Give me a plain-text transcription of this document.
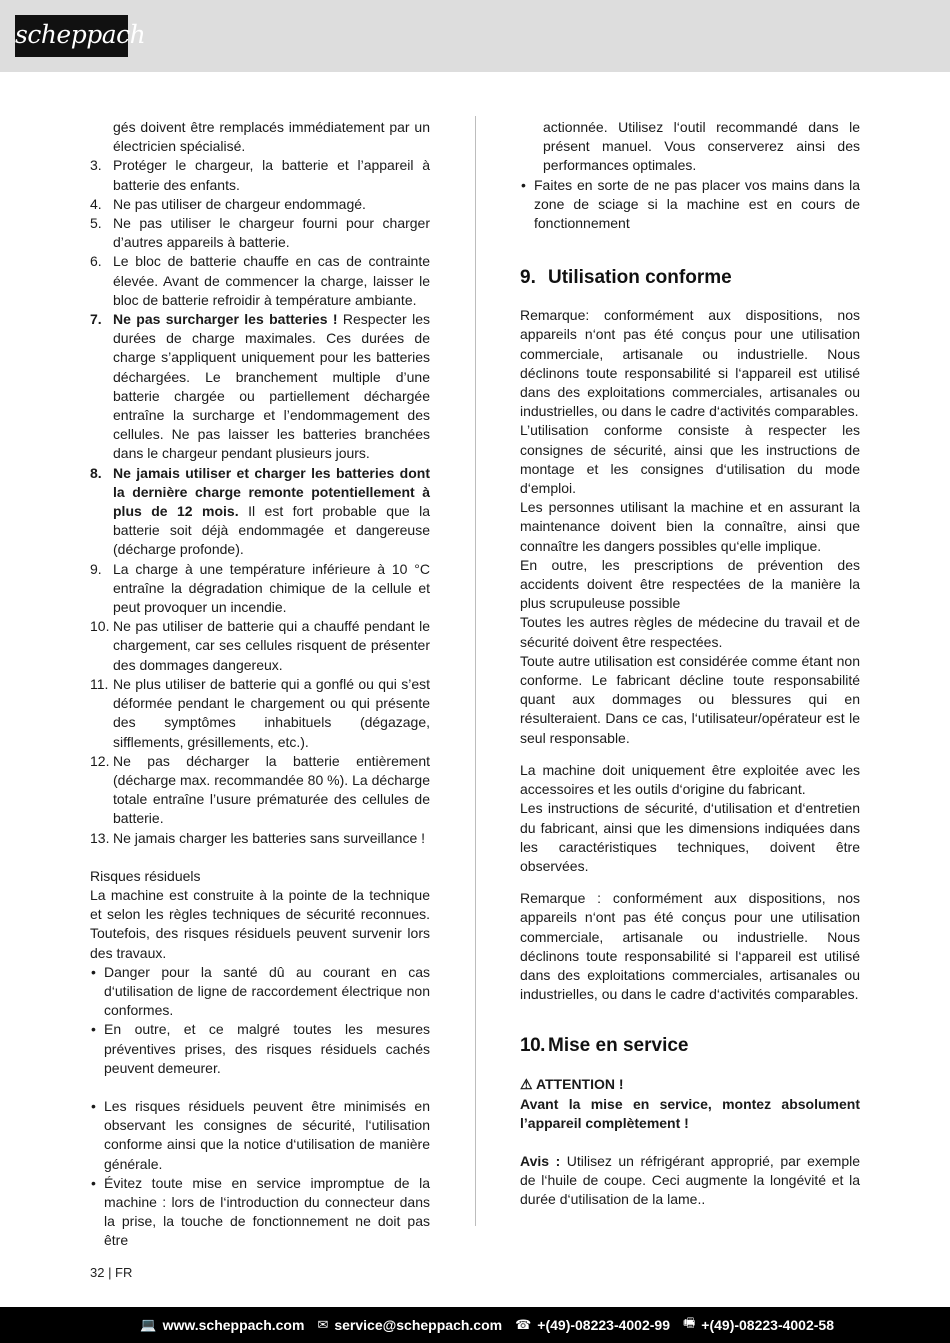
scheppach
gés doivent être remplacés immédiatement par un électricien spécialisé.
3. Protéger le chargeur, la batterie et l’appareil à batterie des enfants.
4. Ne pas utiliser de chargeur endommagé.
5. Ne pas utiliser le chargeur fourni pour charger d’autres appareils à batterie.
6. Le bloc de batterie chauffe en cas de contrainte élevée. Avant de commencer la charge, laisser le bloc de batterie refroidir à température ambiante.
7. Ne pas surcharger les batteries ! Respecter les durées de charge maximales. Ces durées de charge s’appliquent uniquement pour les batteries déchargées. Le branchement multiple d’une batterie chargée ou partiellement déchargée entraîne la surcharge et l’endommagement des cellules. Ne pas laisser les batteries branchées dans le chargeur pendant plusieurs jours.
8. Ne jamais utiliser et charger les batteries dont la dernière charge remonte potentiellement à plus de 12 mois. Il est fort probable que la batterie soit déjà endommagée et dangereuse (décharge profonde).
9. La charge à une température inférieure à 10 °C entraîne la dégradation chimique de la cellule et peut provoquer un incendie.
10. Ne pas utiliser de batterie qui a chauffé pendant le chargement, car ses cellules risquent de présenter des dommages dangereux.
11. Ne plus utiliser de batterie qui a gonflé ou qui s’est déformée pendant le chargement ou qui présente des symptômes inhabituels (dégazage, sifflements, grésillements, etc.).
12. Ne pas décharger la batterie entièrement (décharge max. recommandée 80 %). La décharge totale entraîne l’usure prématurée des cellules de batterie.
13. Ne jamais charger les batteries sans surveillance !
Risques résiduels
La machine est construite à la pointe de la technique et selon les règles techniques de sécurité reconnues. Toutefois, des risques résiduels peuvent survenir lors des travaux.
• Danger pour la santé dû au courant en cas d‘utilisation de ligne de raccordement électrique non conformes.
• En outre, et ce malgré toutes les mesures préventives prises, des risques résiduels cachés peuvent demeurer.
• Les risques résiduels peuvent être minimisés en observant les consignes de sécurité, l‘utilisation conforme ainsi que la notice d‘utilisation de manière générale.
• Évitez toute mise en service impromptue de la machine : lors de l‘introduction du connecteur dans la prise, la touche de fonctionnement ne doit pas être
actionnée. Utilisez l‘outil recommandé dans le présent manuel. Vous conserverez ainsi des performances optimales.
• Faites en sorte de ne pas placer vos mains dans la zone de sciage si la machine est en cours de fonctionnement
9. Utilisation conforme
Remarque: conformément aux dispositions, nos appareils n‘ont pas été conçus pour une utilisation commerciale, artisanale ou industrielle. Nous déclinons toute responsabilité si l‘appareil est utilisé dans des exploitations commerciales, artisanales ou industrielles, ou dans le cadre d‘activités comparables.
L’utilisation conforme consiste à respecter les consignes de sécurité, ainsi que les instructions de montage et les consignes d‘utilisation du mode d‘emploi.
Les personnes utilisant la machine et en assurant la maintenance doivent bien la connaître, ainsi que connaître les dangers possibles qu‘elle implique.
En outre, les prescriptions de prévention des accidents doivent être respectées de la manière la plus scrupuleuse possible
Toutes les autres règles de médecine du travail et de sécurité doivent être respectées.
Toute autre utilisation est considérée comme étant non conforme. Le fabricant décline toute responsabilité quant aux dommages ou blessures qui en résulteraient. Dans ce cas, l‘utilisateur/opérateur est le seul responsable.
La machine doit uniquement être exploitée avec les accessoires et les outils d‘origine du fabricant.
Les instructions de sécurité, d‘utilisation et d‘entretien du fabricant, ainsi que les dimensions indiquées dans les caractéristiques techniques, doivent être observées.
Remarque : conformément aux dispositions, nos appareils n‘ont pas été conçus pour une utilisation commerciale, artisanale ou industrielle. Nous déclinons toute responsabilité si l‘appareil est utilisé dans des exploitations commerciales, artisanales ou industrielles, ou dans le cadre d‘activités comparables.
10. Mise en service
⚠ ATTENTION !
Avant la mise en service, montez absolument l’appareil complètement !
Avis : Utilisez un réfrigérant approprié, par exemple de l‘huile de coupe. Ceci augmente la longévité et la durée d‘utilisation de la lame..
32 | FR
💻 www.scheppach.com ✉ service@scheppach.com ☎ +(49)-08223-4002-99 🖷 +(49)-08223-4002-58
